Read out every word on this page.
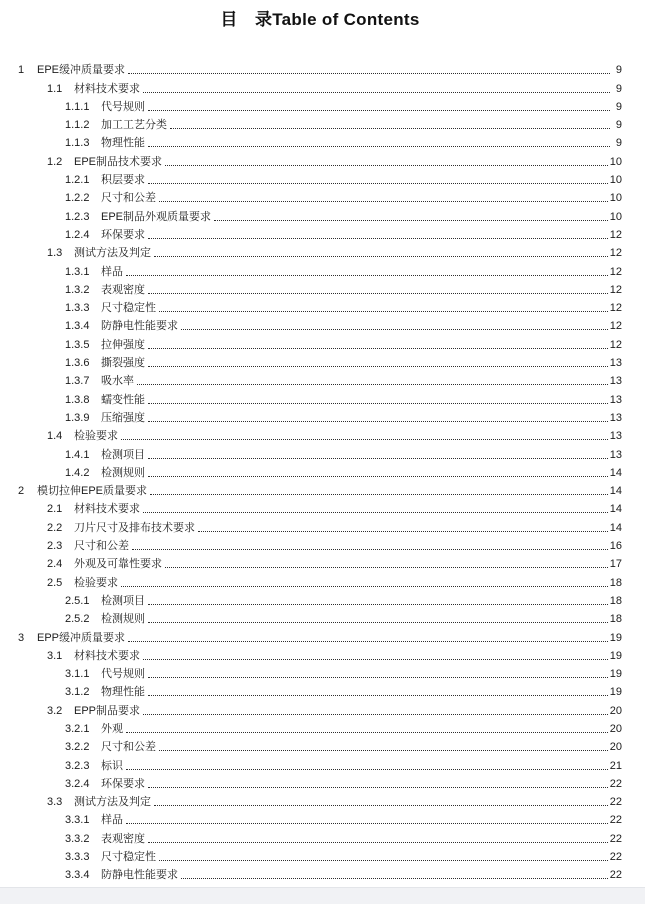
目　录Table of Contents
1	EPE缓冲质量要求	9
1.1	材料技术要求	9
1.1.1	代号规则	9
1.1.2	加工工艺分类	9
1.1.3	物理性能	9
1.2	EPE制品技术要求	10
1.2.1	积层要求	10
1.2.2	尺寸和公差	10
1.2.3	EPE制品外观质量要求	10
1.2.4	环保要求	12
1.3	测试方法及判定	12
1.3.1	样品	12
1.3.2	表观密度	12
1.3.3	尺寸稳定性	12
1.3.4	防静电性能要求	12
1.3.5	拉伸强度	12
1.3.6	撕裂强度	13
1.3.7	吸水率	13
1.3.8	蠕变性能	13
1.3.9	压缩强度	13
1.4	检验要求	13
1.4.1	检测项目	13
1.4.2	检测规则	14
2	模切拉伸EPE质量要求	14
2.1	材料技术要求	14
2.2	刀片尺寸及排布技术要求	14
2.3	尺寸和公差	16
2.4	外观及可靠性要求	17
2.5	检验要求	18
2.5.1	检测项目	18
2.5.2	检测规则	18
3	EPP缓冲质量要求	19
3.1	材料技术要求	19
3.1.1	代号规则	19
3.1.2	物理性能	19
3.2	EPP制品要求	20
3.2.1	外观	20
3.2.2	尺寸和公差	20
3.2.3	标识	21
3.2.4	环保要求	22
3.3	测试方法及判定	22
3.3.1	样品	22
3.3.2	表观密度	22
3.3.3	尺寸稳定性	22
3.3.4	防静电性能要求	22
